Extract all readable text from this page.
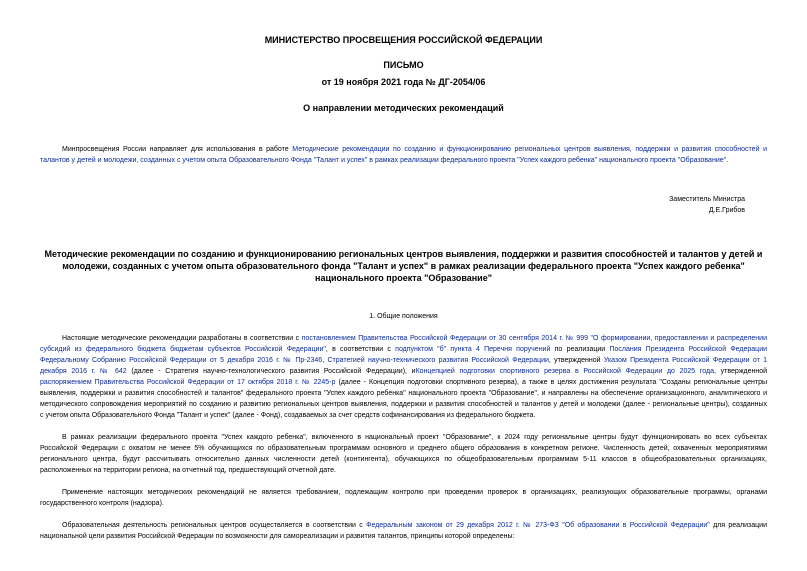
МИНИСТЕРСТВО ПРОСВЕЩЕНИЯ РОССИЙСКОЙ ФЕДЕРАЦИИ
ПИСЬМО
от 19 ноября 2021 года № ДГ-2054/06
О направлении методических рекомендаций
Минпросвещения России направляет для использования в работе Методические рекомендации по созданию и функционированию региональных центров выявления, поддержки и развития способностей и
талантов у детей и молодежи, созданных с учетом опыта Образовательного Фонда "Талант и успех" в рамках реализации федерального проекта "Успех каждого ребенка" национального проекта "Образование".
Заместитель Министра
Д.Е.Грибов
Методические рекомендации по созданию и функционированию региональных центров выявления, поддержки и развития способностей и талантов у детей и
молодежи, созданных с учетом опыта образовательного фонда "Талант и успех" в рамках реализации федерального проекта "Успех каждого ребенка"
национального проекта "Образование"
1. Общие положения
Настоящие методические рекомендации разработаны в соответствии с постановлением Правительства Российской Федерации от 30 сентября 2014 г. № 999 "О формировании, предоставлении и распределении
субсидий из федерального бюджета бюджетам субъектов Российской Федерации", в соответствии с подпунктом "б" пункта 4 Перечня поручений по реализации Послания Президента Российской Федерации
Федеральному Собранию Российской Федерации от 5 декабря 2016 г. № Пр-2346, Стратегией научно-технического развития Российской Федерации, утвержденной Указом Президента Российской Федерации от 1
декабря 2016 г. № 642 (далее - Стратегия научно-технологического развития Российской Федерации), иКонцепцией подготовки спортивного резерва в Российской Федерации до 2025 года, утвержденной
распоряжением Правительства Российской Федерации от 17 октября 2018 г. № 2245-р (далее - Концепция подготовки спортивного резерва), а также в целях достижения результата "Созданы региональные центры
выявления, поддержки и развития способностей и талантов" федерального проекта "Успех каждого ребенка" национального проекта "Образование", и направлены на обеспечение организационного, аналитического и
методического сопровождения мероприятий по созданию и развитию региональных центров выявления, поддержки и развития способностей и талантов у детей и молодежи (далее - региональные центры), созданных
с учетом опыта Образовательного Фонда "Талант и успех" (далее - Фонд), создаваемых за счет средств софинансирования из федерального бюджета.
В рамках реализации федерального проекта "Успех каждого ребенка", включенного в национальный проект "Образование", к 2024 году региональные центры будут функционировать во всех субъектах
Российской Федерации с охватом не менее 5% обучающихся по образовательным программам основного и среднего общего образования в конкретном регионе. Численность детей, охваченных мероприятиями
регионального центра, будут рассчитывать относительно данных численности детей (контингента), обучающихся по общеобразовательным программам 5-11 классов в общеобразовательных организациях,
расположенных на территории региона, на отчетный год, предшествующий отчетной дате.
Применение настоящих методических рекомендаций не является требованием, подлежащим контролю при проведении проверок в организациях, реализующих образовательные программы, органами
государственного контроля (надзора).
Образовательная деятельность региональных центров осуществляется в соответствии с Федеральным законом от 29 декабря 2012 г. № 273-ФЗ "Об образовании в Российской Федерации" для реализации
национальной цели развития Российской Федерации по возможности для самореализации и развития талантов, принципы которой определены:
